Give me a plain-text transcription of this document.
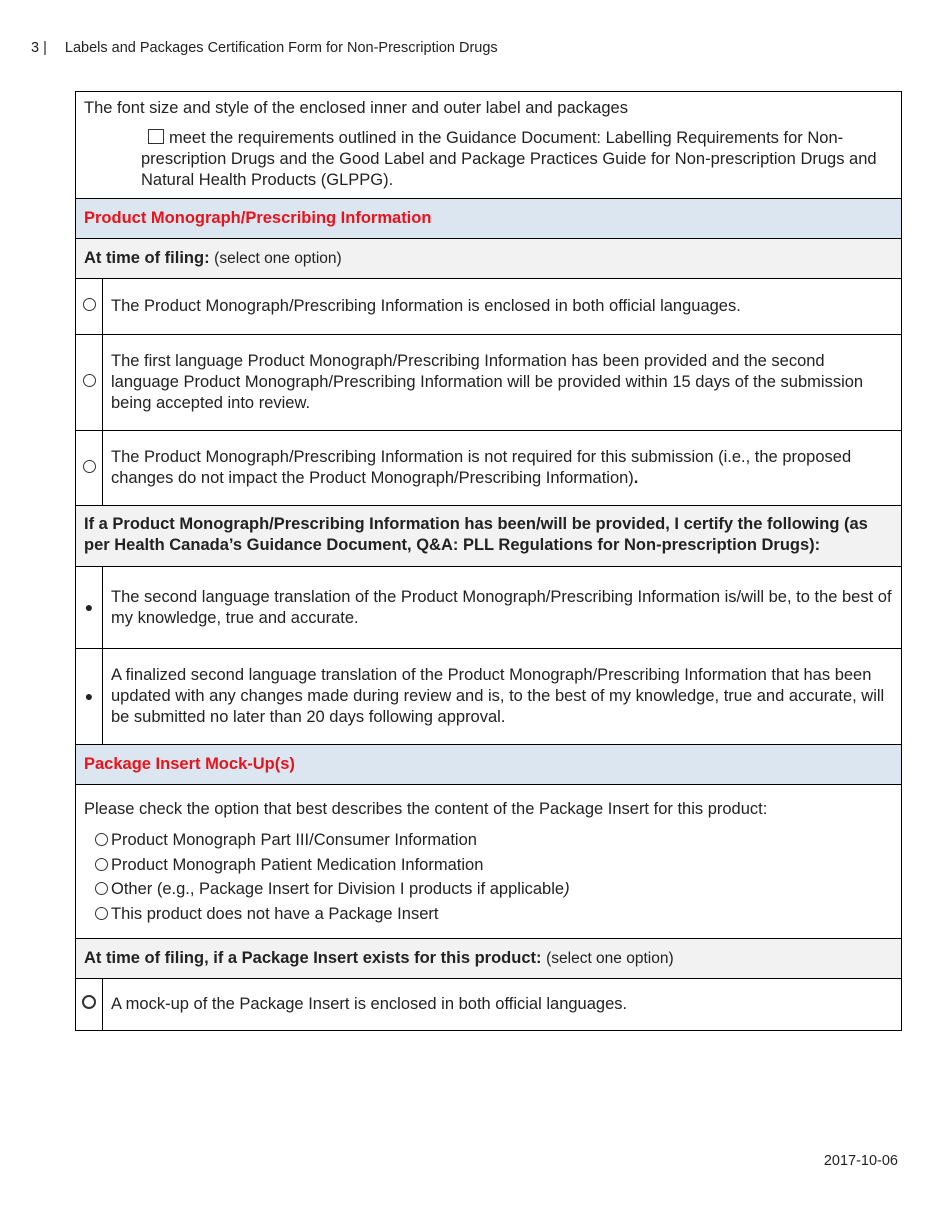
3 | Labels and Packages Certification Form for Non-Prescription Drugs
The font size and style of the enclosed inner and outer label and packages
meet the requirements outlined in the Guidance Document: Labelling Requirements for Non-prescription Drugs and the Good Label and Package Practices Guide for Non-prescription Drugs and Natural Health Products (GLPPG).	

Product Monograph/Prescribing Information	
At time of filing: (select one option)	
	The Product Monograph/Prescribing Information is enclosed in both official languages.
	The first language Product Monograph/Prescribing Information has been provided and the second language Product Monograph/Prescribing Information will be provided within 15 days of the submission being accepted into review.
	The Product Monograph/Prescribing Information is not required for this submission (i.e., the proposed changes do not impact the Product Monograph/Prescribing Information).
If a Product Monograph/Prescribing Information has been/will be provided, I certify the following (as per Health Canada’s Guidance Document, Q&A: PLL Regulations for Non-prescription Drugs):	
●	The second language translation of the Product Monograph/Prescribing Information is/will be, to the best of my knowledge, true and accurate.
●	A finalized second language translation of the Product Monograph/Prescribing Information that has been updated with any changes made during review and is, to the best of my knowledge, true and accurate, will be submitted no later than 20 days following approval.
Package Insert Mock-Up(s)	

Please check the option that best describes the content of the Package Insert for this product:
Product Monograph Part III/Consumer Information
Product Monograph Patient Medication Information
Other (e.g., Package Insert for Division I products if applicable)
This product does not have a Package Insert	

At time of filing, if a Package Insert exists for this product: (select one option)	
	A mock-up of the Package Insert is enclosed in both official languages.
2017-10-06
